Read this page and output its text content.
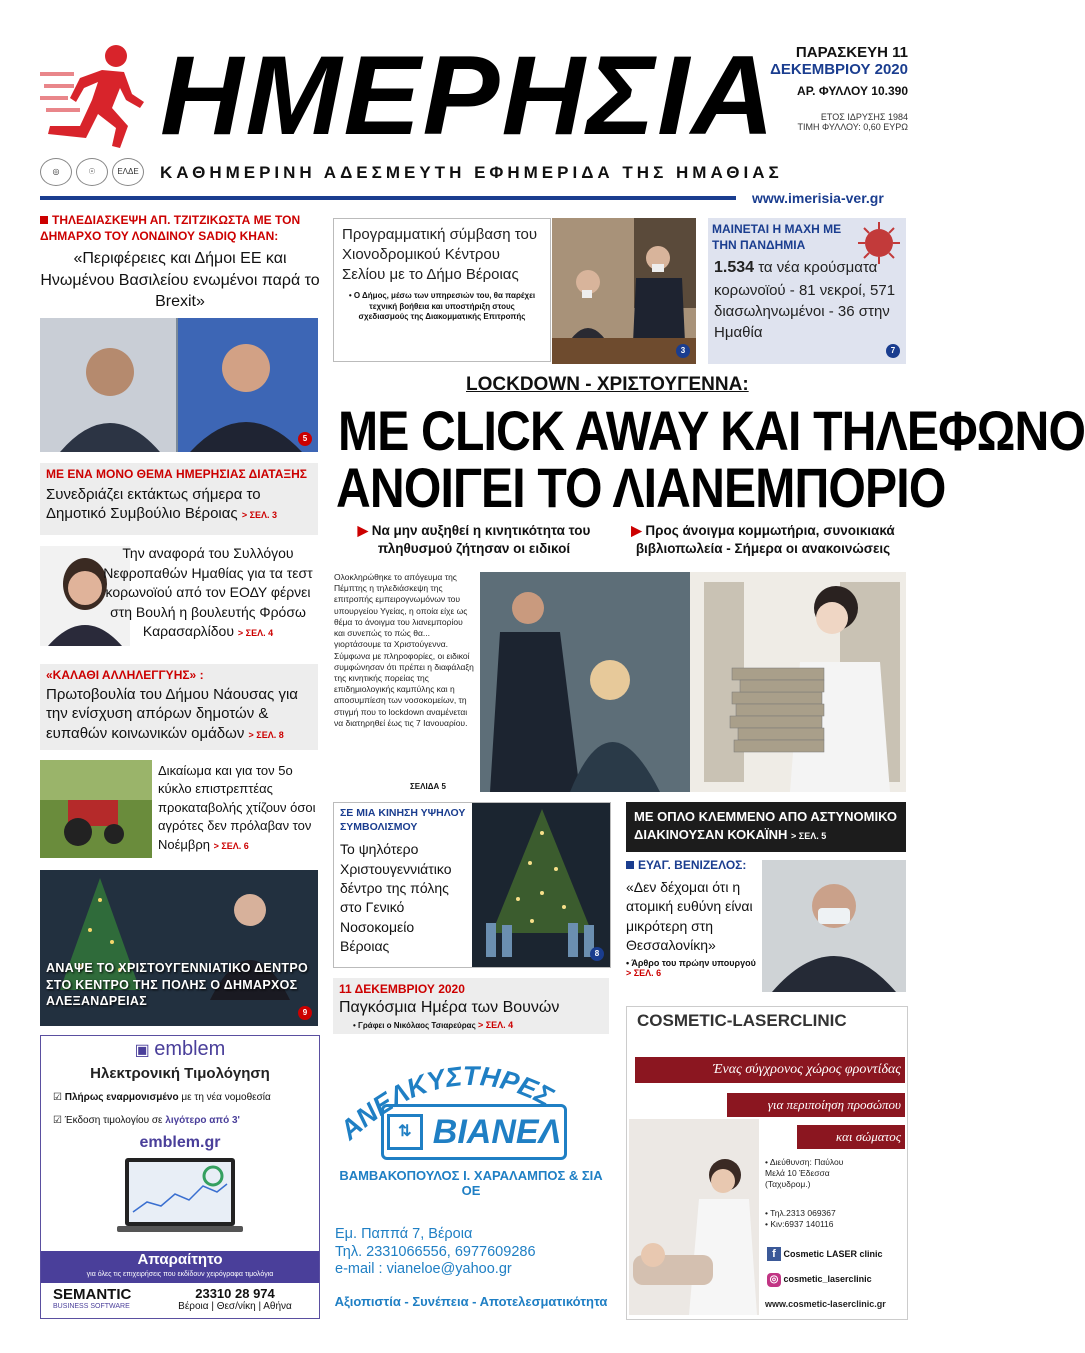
ΗΜΕΡΗΣΙΑ	ΠΑΡΑΣΚΕΥΗ 11
ΔΕΚΕΜΒΡΙΟΥ 2020
ΑΡ. ΦΥΛΛΟΥ 10.390
ΕΤΟΣ ΙΔΡΥΣΗΣ 1984
ΤΙΜΗ ΦΥΛΛΟΥ: 0,60 ΕΥΡΩ
◎	☉	ΕΛΔΕ	ΚΑΘΗΜΕΡΙΝΗ ΑΔΕΣΜΕΥΤΗ ΕΦΗΜΕΡΙΔΑ ΤΗΣ ΗΜΑΘΙΑΣ
www.imerisia-ver.gr
ΤΗΛΕΔΙΑΣΚΕΨΗ ΑΠ. ΤΖΙΤΖΙΚΩΣΤΑ ΜΕ ΤΟΝ ΔΗΜΑΡΧΟ ΤΟΥ ΛΟΝΔΙΝΟΥ SADIQ KHAN:
«Περιφέρειες και Δήμοι ΕΕ και Ηνωμένου Βασιλείου ενωμένοι παρά το Brexit»
5
ΜΕ ΕΝΑ ΜΟΝΟ ΘΕΜΑ ΗΜΕΡΗΣΙΑΣ ΔΙΑΤΑΞΗΣ
Συνεδριάζει εκτάκτως σήμερα το Δημοτικό Συμβούλιο Βέροιας > ΣΕΛ. 3
Την αναφορά του Συλλόγου Νεφροπαθών Ημαθίας για τα τεστ κορωνοϊού από τον ΕΟΔΥ φέρνει στη Βουλή η βουλευτής Φρόσω Καρασαρλίδου > ΣΕΛ. 4
«ΚΑΛΑΘΙ ΑΛΛΗΛΕΓΓΥΗΣ» :
Πρωτοβουλία του Δήμου Νάουσας για την ενίσχυση απόρων δημοτών & ευπαθών κοινωνικών ομάδων > ΣΕΛ. 8
Δικαίωμα και για τον 5ο κύκλο επιστρεπτέας προκαταβολής χτίζουν όσοι αγρότες δεν πρόλαβαν τον Νοέμβρη > ΣΕΛ. 6
ΑΝΑΨΕ ΤΟ ΧΡΙΣΤΟΥΓΕΝΝΙΑΤΙΚΟ ΔΕΝΤΡΟ ΣΤΟ ΚΕΝΤΡΟ ΤΗΣ ΠΟΛΗΣ Ο ΔΗΜΑΡΧΟΣ ΑΛΕΞΑΝΔΡΕΙΑΣ
9
▣ emblem
Ηλεκτρονική Τιμολόγηση
☑ Πλήρως εναρμονισμένο με τη νέα νομοθεσία
☑ Έκδοση τιμολογίου σε λιγότερο από 3'
emblem.gr
Απαραίτητο
για όλες τις επιχειρήσεις που εκδίδουν χειρόγραφα τιμολόγια
SEMANTIC
BUSINESS SOFTWARE
23310 28 974
Βέροια | Θεσ/νίκη | Αθήνα
Προγραμματική σύμβαση του Χιονοδρομικού Κέντρου Σελίου με το Δήμο Βέροιας
• Ο Δήμος, μέσω των υπηρεσιών του, θα παρέχει τεχνική βοήθεια και υποστήριξη στους σχεδιασμούς της Διακομματικής Επιτροπής
3
ΜΑΙΝΕΤΑΙ Η ΜΑΧΗ ΜΕ ΤΗΝ ΠΑΝΔΗΜΙΑ
1.534 τα νέα κρούσματα κορωνοϊού - 81 νεκροί, 571 διασωληνωμένοι - 36 στην Ημαθία
7
LOCKDOWN - ΧΡΙΣΤΟΥΓΕΝΝΑ:
ΜΕ CLICK AWAY ΚΑΙ ΤΗΛΕΦΩΝΟ
ΑΝΟΙΓΕΙ ΤΟ ΛΙΑΝΕΜΠΟΡΙΟ
▶ Να μην αυξηθεί η κινητικότητα του πληθυσμού ζήτησαν οι ειδικοί
▶ Προς άνοιγμα κομμωτήρια, συνοικιακά βιβλιοπωλεία - Σήμερα οι ανακοινώσεις
Ολοκληρώθηκε το απόγευμα της Πέμπτης η τηλεδιάσκεψη της επιτροπής εμπειρογνωμόνων του υπουργείου Υγείας, η οποία είχε ως θέμα το άνοιγμα του λιανεμπορίου και συνεπώς το πώς θα... γιορτάσουμε τα Χριστούγεννα. Σύμφωνα με πληροφορίες, οι ειδικοί συμφώνησαν ότι πρέπει η διαφάλαξη της κινητικής πορείας της επιδημιολογικής καμπύλης και η αποσυμπίεση των νοσοκομείων, τη στιγμή που το lockdown αναμένεται να διατηρηθεί έως τις 7 Ιανουαρίου.
ΣΕΛΙΔΑ 5
ΣΕ ΜΙΑ ΚΙΝΗΣΗ ΥΨΗΛΟΥ ΣΥΜΒΟΛΙΣΜΟΥ
Το ψηλότερο Χριστουγεννιάτικο δέντρο της πόλης στο Γενικό Νοσοκομείο Βέροιας	8
11 ΔΕΚΕΜΒΡΙΟΥ 2020
Παγκόσμια Ημέρα των Βουνών
• Γράφει ο Νικόλαος Τσιαρεύρας > ΣΕΛ. 4
ΑΝΕΛΚΥΣΤΗΡΕΣ
⇅ ΒΙΑΝΕΛ
ΒΑΜΒΑΚΟΠΟΥΛΟΣ Ι. ΧΑΡΑΛΑΜΠΟΣ & ΣΙΑ ΟΕ
Εμ. Παππά 7, Βέροια
Τηλ. 2331066556, 6977609286
e-mail : vianeloe@yahoo.gr
Αξιοπιστία - Συνέπεια - Αποτελεσματικότητα
ΜΕ ΟΠΛΟ ΚΛΕΜΜΕΝΟ ΑΠΟ ΑΣΤΥΝΟΜΙΚΟ ΔΙΑΚΙΝΟΥΣΑΝ ΚΟΚΑΪΝΗ > ΣΕΛ. 5
ΕΥΑΓ. ΒΕΝΙΖΕΛΟΣ:
«Δεν δέχομαι ότι η ατομική ευθύνη είναι μικρότερη στη Θεσσαλονίκη»
• Άρθρο του πρώην υπουργού > ΣΕΛ. 6
COSMETIC-LASERCLINIC
Ένας σύγχρονος χώρος φροντίδας
για περιποίηση προσώπου
και σώματος
• Διεύθυνση: Παύλου Μελά 10 Έδεσσα (Ταχυδρομ.)
• Τηλ.2313 069367
• Κιν:6937 140116
f Cosmetic LASER clinic
◎ cosmetic_laserclinic
www.cosmetic-laserclinic.gr
